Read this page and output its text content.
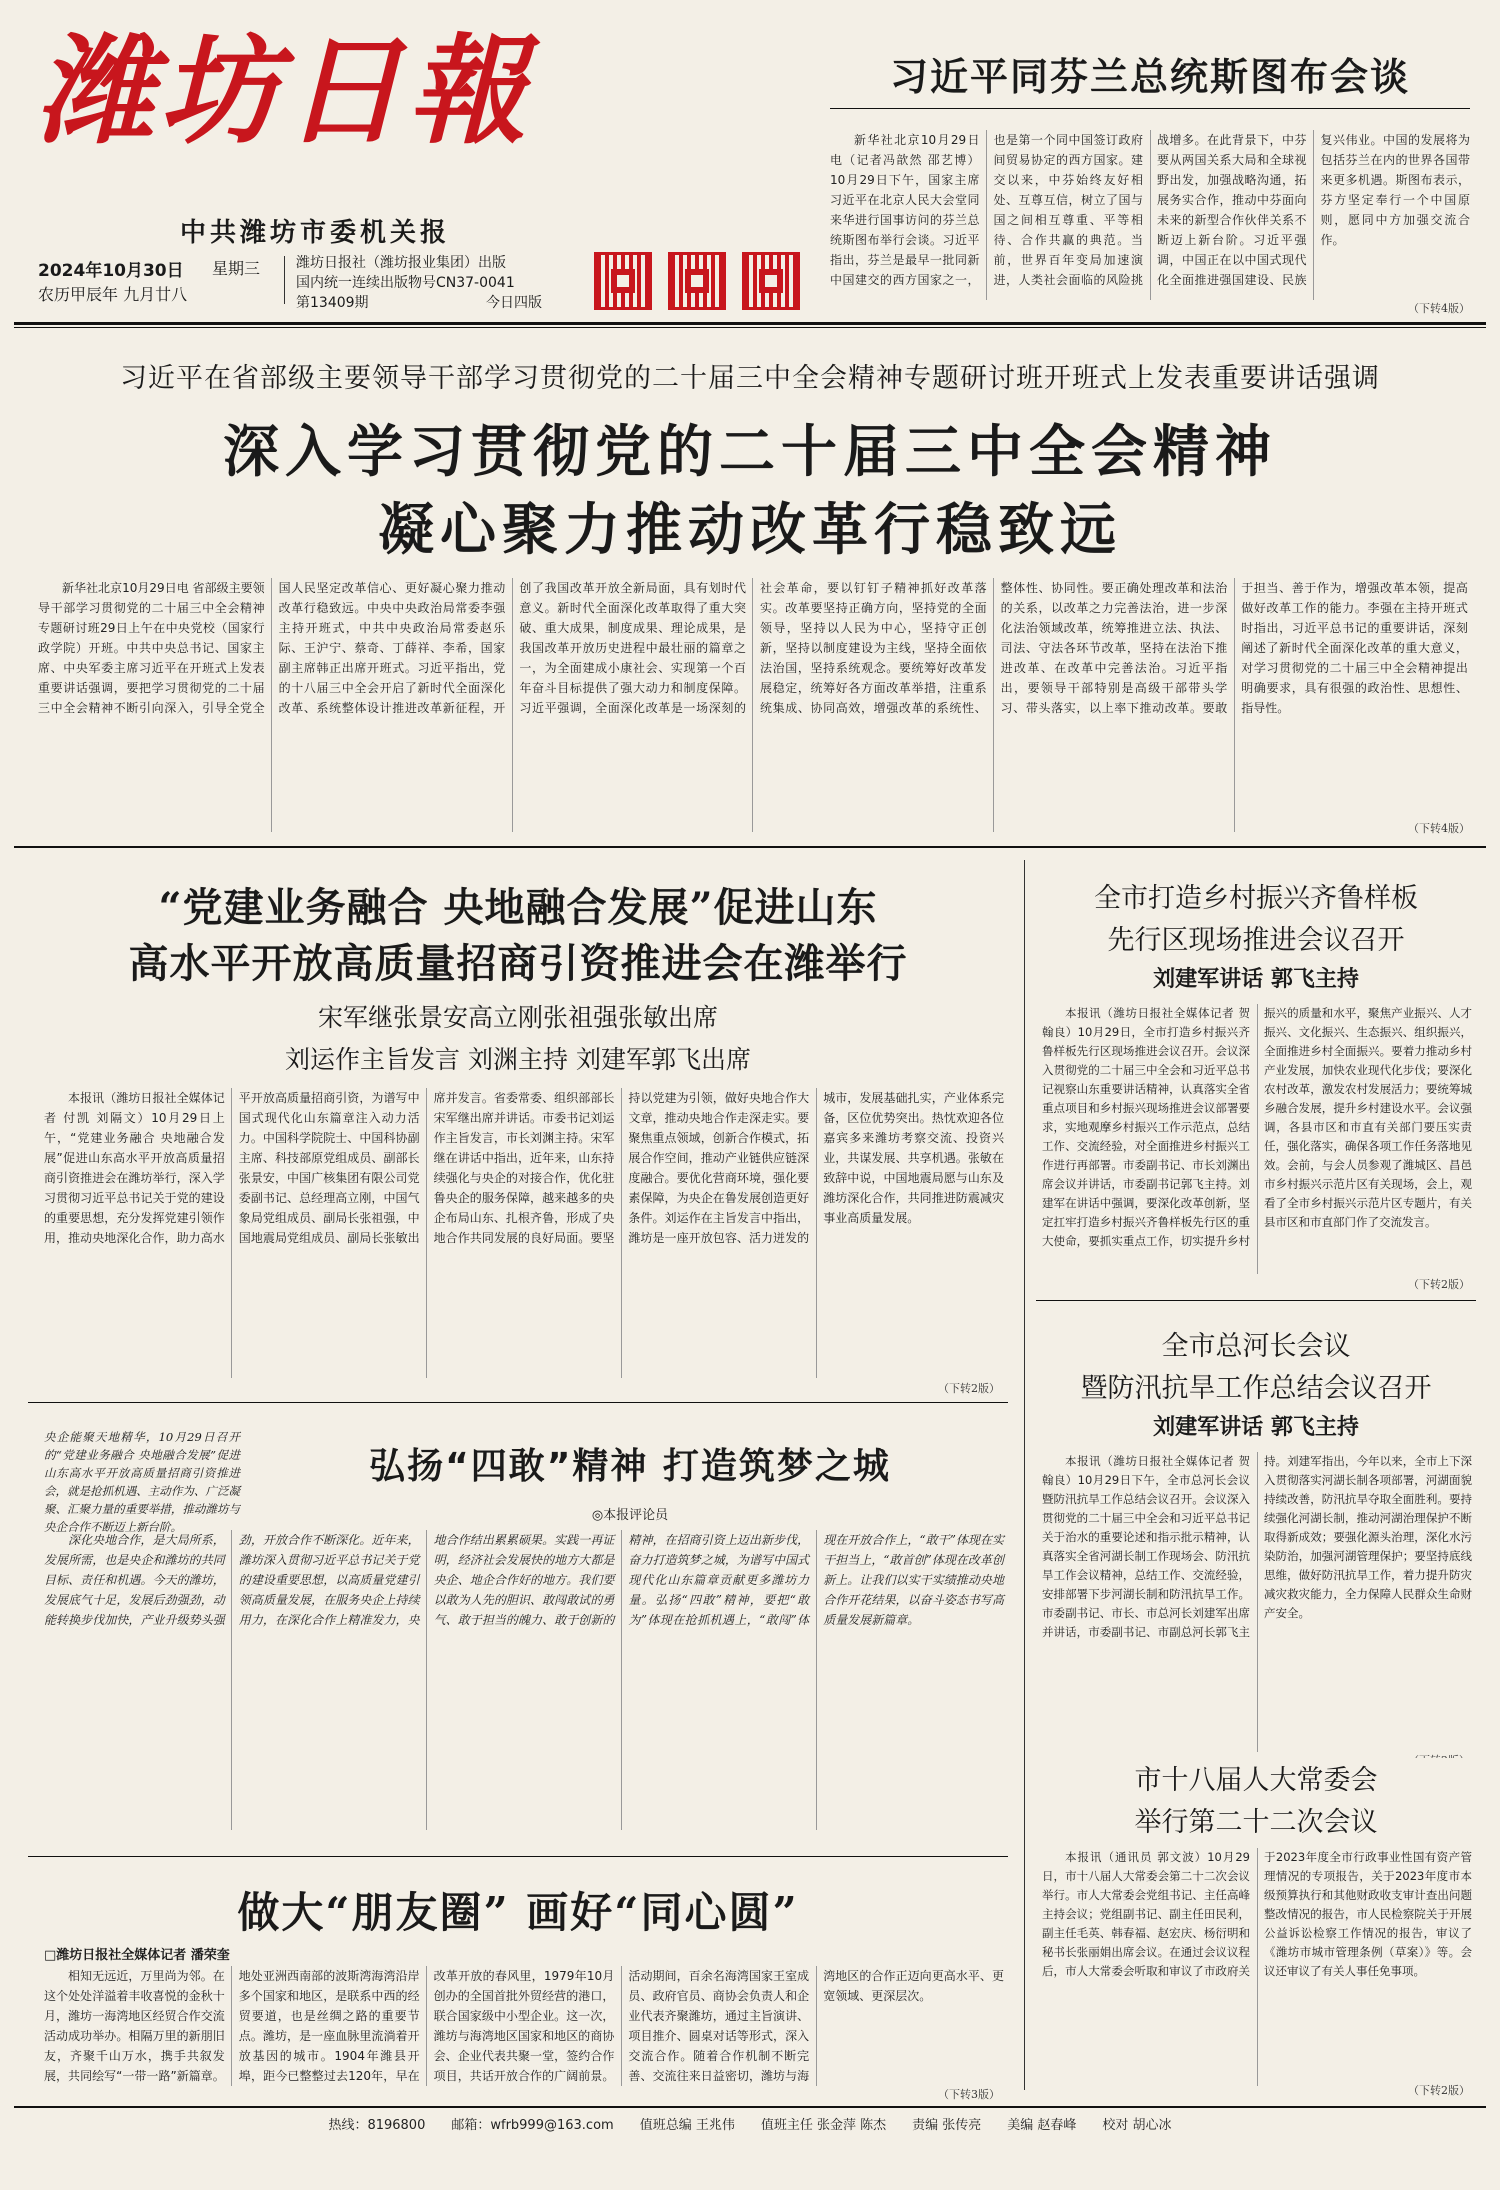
潍坊日報
中共潍坊市委机关报
2024年10月30日 星期三
农历甲辰年 九月廿八
潍坊日报社（潍坊报业集团）出版
国内统一连续出版物号CN37-0041
第13409期	今日四版
习近平同芬兰总统斯图布会谈

新华社北京10月29日电（记者冯歆然 邵艺博）10月29日下午，国家主席习近平在北京人民大会堂同来华进行国事访问的芬兰总统斯图布举行会谈。习近平指出，芬兰是最早一批同新中国建交的西方国家之一，也是第一个同中国签订政府间贸易协定的西方国家。建交以来，中芬始终友好相处、互尊互信，树立了国与国之间相互尊重、平等相待、合作共赢的典范。当前，世界百年变局加速演进，人类社会面临的风险挑战增多。在此背景下，中芬要从两国关系大局和全球视野出发，加强战略沟通，拓展务实合作，推动中芬面向未来的新型合作伙伴关系不断迈上新台阶。习近平强调，中国正在以中国式现代化全面推进强国建设、民族复兴伟业。中国的发展将为包括芬兰在内的世界各国带来更多机遇。斯图布表示，芬方坚定奉行一个中国原则，愿同中方加强交流合作。

（下转4版）
习近平在省部级主要领导干部学习贯彻党的二十届三中全会精神专题研讨班开班式上发表重要讲话强调
深入学习贯彻党的二十届三中全会精神
凝心聚力推动改革行稳致远

新华社北京10月29日电 省部级主要领导干部学习贯彻党的二十届三中全会精神专题研讨班29日上午在中央党校（国家行政学院）开班。中共中央总书记、国家主席、中央军委主席习近平在开班式上发表重要讲话强调，要把学习贯彻党的二十届三中全会精神不断引向深入，引导全党全国人民坚定改革信心、更好凝心聚力推动改革行稳致远。中央中央政治局常委李强主持开班式，中共中央政治局常委赵乐际、王沪宁、蔡奇、丁薛祥、李希，国家副主席韩正出席开班式。习近平指出，党的十八届三中全会开启了新时代全面深化改革、系统整体设计推进改革新征程，开创了我国改革开放全新局面，具有划时代意义。新时代全面深化改革取得了重大突破、重大成果，制度成果、理论成果，是我国改革开放历史进程中最壮丽的篇章之一，为全面建成小康社会、实现第一个百年奋斗目标提供了强大动力和制度保障。习近平强调，全面深化改革是一场深刻的社会革命，要以钉钉子精神抓好改革落实。改革要坚持正确方向，坚持党的全面领导，坚持以人民为中心，坚持守正创新，坚持以制度建设为主线，坚持全面依法治国，坚持系统观念。要统筹好改革发展稳定，统筹好各方面改革举措，注重系统集成、协同高效，增强改革的系统性、整体性、协同性。要正确处理改革和法治的关系，以改革之力完善法治，进一步深化法治领域改革，统筹推进立法、执法、司法、守法各环节改革，坚持在法治下推进改革、在改革中完善法治。习近平指出，要领导干部特别是高级干部带头学习、带头落实，以上率下推动改革。要敢于担当、善于作为，增强改革本领，提高做好改革工作的能力。李强在主持开班式时指出，习近平总书记的重要讲话，深刻阐述了新时代全面深化改革的重大意义，对学习贯彻党的二十届三中全会精神提出明确要求，具有很强的政治性、思想性、指导性。

（下转4版）
“党建业务融合 央地融合发展”促进山东
高水平开放高质量招商引资推进会在潍举行
宋军继张景安高立刚张祖强张敏出席
刘运作主旨发言 刘渊主持 刘建军郭飞出席

本报讯（潍坊日报社全媒体记者 付凯 刘隔文）10月29日上午，“党建业务融合 央地融合发展”促进山东高水平开放高质量招商引资推进会在潍坊举行，深入学习贯彻习近平总书记关于党的建设的重要思想，充分发挥党建引领作用，推动央地深化合作，助力高水平开放高质量招商引资，为谱写中国式现代化山东篇章注入动力活力。中国科学院院士、中国科协副主席、科技部原党组成员、副部长张景安，中国广核集团有限公司党委副书记、总经理高立刚，中国气象局党组成员、副局长张祖强，中国地震局党组成员、副局长张敏出席并发言。省委常委、组织部部长宋军继出席并讲话。市委书记刘运作主旨发言，市长刘渊主持。宋军继在讲话中指出，近年来，山东持续强化与央企的对接合作，优化驻鲁央企的服务保障，越来越多的央企布局山东、扎根齐鲁，形成了央地合作共同发展的良好局面。要坚持以党建为引领，做好央地合作大文章，推动央地合作走深走实。要聚焦重点领域，创新合作模式，拓展合作空间，推动产业链供应链深度融合。要优化营商环境，强化要素保障，为央企在鲁发展创造更好条件。刘运作在主旨发言中指出，潍坊是一座开放包容、活力迸发的城市，发展基础扎实，产业体系完备，区位优势突出。热忱欢迎各位嘉宾多来潍坊考察交流、投资兴业，共谋发展、共享机遇。张敏在致辞中说，中国地震局愿与山东及潍坊深化合作，共同推进防震减灾事业高质量发展。

（下转2版）
全市打造乡村振兴齐鲁样板
先行区现场推进会议召开
刘建军讲话 郭飞主持

本报讯（潍坊日报社全媒体记者 贺翰良）10月29日，全市打造乡村振兴齐鲁样板先行区现场推进会议召开。会议深入贯彻党的二十届三中全会和习近平总书记视察山东重要讲话精神，认真落实全省重点项目和乡村振兴现场推进会议部署要求，实地观摩乡村振兴工作示范点，总结工作、交流经验，对全面推进乡村振兴工作进行再部署。市委副书记、市长刘渊出席会议并讲话，市委副书记郭飞主持。刘建军在讲话中强调，要深化改革创新，坚定扛牢打造乡村振兴齐鲁样板先行区的重大使命，要抓实重点工作，切实提升乡村振兴的质量和水平，聚焦产业振兴、人才振兴、文化振兴、生态振兴、组织振兴，全面推进乡村全面振兴。要着力推动乡村产业发展，加快农业现代化步伐；要深化农村改革，激发农村发展活力；要统筹城乡融合发展，提升乡村建设水平。会议强调，各县市区和市直有关部门要压实责任，强化落实，确保各项工作任务落地见效。会前，与会人员参观了潍城区、昌邑市乡村振兴示范片区有关现场，会上，观看了全市乡村振兴示范片区专题片，有关县市区和市直部门作了交流发言。

（下转2版）
全市总河长会议
暨防汛抗旱工作总结会议召开
刘建军讲话 郭飞主持

本报讯（潍坊日报社全媒体记者 贺翰良）10月29日下午，全市总河长会议暨防汛抗旱工作总结会议召开。会议深入贯彻党的二十届三中全会和习近平总书记关于治水的重要论述和指示批示精神，认真落实全省河湖长制工作现场会、防汛抗旱工作会议精神，总结工作、交流经验，安排部署下步河湖长制和防汛抗旱工作。市委副书记、市长、市总河长刘建军出席并讲话，市委副书记、市副总河长郭飞主持。刘建军指出，今年以来，全市上下深入贯彻落实河湖长制各项部署，河湖面貌持续改善，防汛抗旱夺取全面胜利。要持续强化河湖长制，推动河湖治理保护不断取得新成效；要强化源头治理，深化水污染防治，加强河湖管理保护；要坚持底线思维，做好防汛抗旱工作，着力提升防灾减灾救灾能力，全力保障人民群众生命财产安全。

市十八届人大常委会
举行第二十二次会议

本报讯（通讯员 郭文波）10月29日，市十八届人大常委会第二十二次会议举行。市人大常委会党组书记、主任高峰主持会议；党组副书记、副主任田民利，副主任毛英、韩春福、赵宏庆、杨衍明和秘书长张丽娟出席会议。在通过会议议程后，市人大常委会听取和审议了市政府关于2023年度全市行政事业性国有资产管理情况的专项报告，关于2023年度市本级预算执行和其他财政收支审计查出问题整改情况的报告，市人民检察院关于开展公益诉讼检察工作情况的报告，审议了《潍坊市城市管理条例（草案）》等。会议还审议了有关人事任免事项。

（下转2版）
央企能聚天地精华，10月29日召开的“党建业务融合 央地融合发展”促进山东高水平开放高质量招商引资推进会，就是抢抓机遇、主动作为、广泛凝聚、汇聚力量的重要举措，推动潍坊与央企合作不断迈上新台阶。
弘扬“四敢”精神 打造筑梦之城
◎本报评论员

深化央地合作，是大局所系，发展所需，也是央企和潍坊的共同目标、责任和机遇。今天的潍坊，发展底气十足，发展后劲强劲，动能转换步伐加快，产业升级势头强劲，开放合作不断深化。近年来，潍坊深入贯彻习近平总书记关于党的建设重要思想，以高质量党建引领高质量发展，在服务央企上持续用力，在深化合作上精准发力，央地合作结出累累硕果。实践一再证明，经济社会发展快的地方大都是央企、地企合作好的地方。我们要以敢为人先的胆识、敢闯敢试的勇气、敢于担当的魄力、敢于创新的精神，在招商引资上迈出新步伐，奋力打造筑梦之城，为谱写中国式现代化山东篇章贡献更多潍坊力量。弘扬“四敢”精神，要把“敢为”体现在抢抓机遇上，“敢闯”体现在开放合作上，“敢干”体现在实干担当上，“敢首创”体现在改革创新上。让我们以实干实绩推动央地合作开花结果，以奋斗姿态书写高质量发展新篇章。

做大“朋友圈” 画好“同心圆”
□潍坊日报社全媒体记者 潘荣奎

相知无远近，万里尚为邻。在这个处处洋溢着丰收喜悦的金秋十月，潍坊一海湾地区经贸合作交流活动成功举办。相隔万里的新朋旧友，齐聚千山万水，携手共叙发展，共同绘写“一带一路”新篇章。地处亚洲西南部的波斯湾海湾沿岸多个国家和地区，是联系中西的经贸要道，也是丝绸之路的重要节点。潍坊，是一座血脉里流淌着开放基因的城市。1904年潍县开埠，距今已整整过去120年，早在改革开放的春风里，1979年10月创办的全国首批外贸经营的港口，联合国家级中小型企业。这一次，潍坊与海湾地区国家和地区的商协会、企业代表共聚一堂，签约合作项目，共话开放合作的广阔前景。活动期间，百余名海湾国家王室成员、政府官员、商协会负责人和企业代表齐聚潍坊，通过主旨演讲、项目推介、圆桌对话等形式，深入交流合作。随着合作机制不断完善、交流往来日益密切，潍坊与海湾地区的合作正迈向更高水平、更宽领域、更深层次。

（下转3版）
热线：8196800 邮箱：wfrb999@163.com 值班总编 王兆伟 值班主任 张金萍 陈杰 责编 张传亮 美编 赵春峰 校对 胡心冰
